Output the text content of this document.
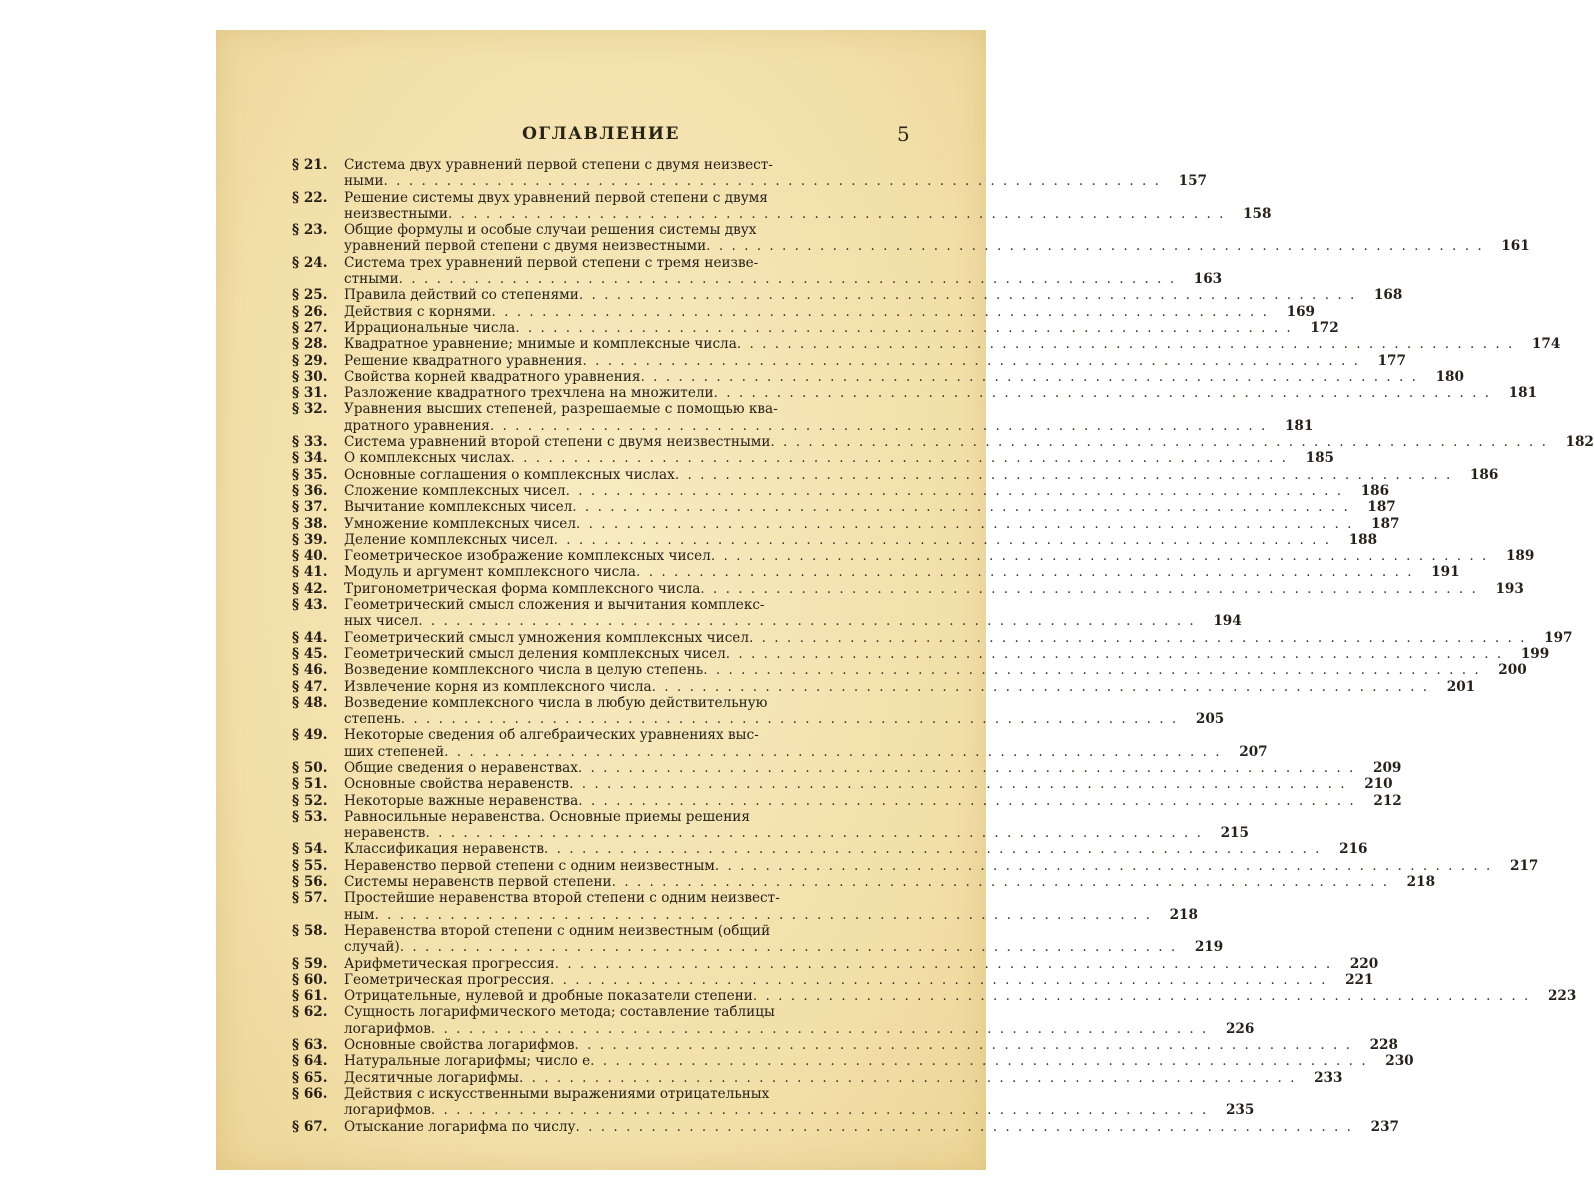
ОГЛАВЛЕНИЕ	5
§ 21.	Система двух уравнений первой степени с двумя неизвест-
ными . . . . . . . . . . . . . . . . . . . . . . . . . . . . . . . . . . . . . . . . . . . . . . . . . . . . . . . . . . . . . .	157
§ 22.	Решение системы двух уравнений первой степени с двумя
неизвестными . . . . . . . . . . . . . . . . . . . . . . . . . . . . . . . . . . . . . . . . . . . . . . . . . . . . . . . . . . . . . .	158
§ 23.	Общие формулы и особые случаи решения системы двух
уравнений первой степени с двумя неизвестными . . . . . . . . . . . . . . . . . . . . . . . . . . . . . . . . . . . . . . . . . . . . . . . . . . . . . . . . . . . . . .	161
§ 24.	Система трех уравнений первой степени с тремя неизве-
стными . . . . . . . . . . . . . . . . . . . . . . . . . . . . . . . . . . . . . . . . . . . . . . . . . . . . . . . . . . . . . .	163
§ 25.	Правила действий со степенями . . . . . . . . . . . . . . . . . . . . . . . . . . . . . . . . . . . . . . . . . . . . . . . . . . . . . . . . . . . . . .	168
§ 26.	Действия с корнями . . . . . . . . . . . . . . . . . . . . . . . . . . . . . . . . . . . . . . . . . . . . . . . . . . . . . . . . . . . . . .	169
§ 27.	Иррациональные числа . . . . . . . . . . . . . . . . . . . . . . . . . . . . . . . . . . . . . . . . . . . . . . . . . . . . . . . . . . . . . .	172
§ 28.	Квадратное уравнение; мнимые и комплексные числа . . . . . . . . . . . . . . . . . . . . . . . . . . . . . . . . . . . . . . . . . . . . . . . . . . . . . . . . . . . . . .	174
§ 29.	Решение квадратного уравнения . . . . . . . . . . . . . . . . . . . . . . . . . . . . . . . . . . . . . . . . . . . . . . . . . . . . . . . . . . . . . .	177
§ 30.	Свойства корней квадратного уравнения . . . . . . . . . . . . . . . . . . . . . . . . . . . . . . . . . . . . . . . . . . . . . . . . . . . . . . . . . . . . . .	180
§ 31.	Разложение квадратного трехчлена на множители . . . . . . . . . . . . . . . . . . . . . . . . . . . . . . . . . . . . . . . . . . . . . . . . . . . . . . . . . . . . . .	181
§ 32.	Уравнения высших степеней, разрешаемые с помощью ква-
дратного уравнения . . . . . . . . . . . . . . . . . . . . . . . . . . . . . . . . . . . . . . . . . . . . . . . . . . . . . . . . . . . . . .	181
§ 33.	Система уравнений второй степени с двумя неизвестными . . . . . . . . . . . . . . . . . . . . . . . . . . . . . . . . . . . . . . . . . . . . . . . . . . . . . . . . . . . . . .	182
§ 34.	О комплексных числах . . . . . . . . . . . . . . . . . . . . . . . . . . . . . . . . . . . . . . . . . . . . . . . . . . . . . . . . . . . . . .	185
§ 35.	Основные соглашения о комплексных числах . . . . . . . . . . . . . . . . . . . . . . . . . . . . . . . . . . . . . . . . . . . . . . . . . . . . . . . . . . . . . .	186
§ 36.	Сложение комплексных чисел . . . . . . . . . . . . . . . . . . . . . . . . . . . . . . . . . . . . . . . . . . . . . . . . . . . . . . . . . . . . . .	186
§ 37.	Вычитание комплексных чисел . . . . . . . . . . . . . . . . . . . . . . . . . . . . . . . . . . . . . . . . . . . . . . . . . . . . . . . . . . . . . .	187
§ 38.	Умножение комплексных чисел . . . . . . . . . . . . . . . . . . . . . . . . . . . . . . . . . . . . . . . . . . . . . . . . . . . . . . . . . . . . . .	187
§ 39.	Деление комплексных чисел . . . . . . . . . . . . . . . . . . . . . . . . . . . . . . . . . . . . . . . . . . . . . . . . . . . . . . . . . . . . . .	188
§ 40.	Геометрическое изображение комплексных чисел . . . . . . . . . . . . . . . . . . . . . . . . . . . . . . . . . . . . . . . . . . . . . . . . . . . . . . . . . . . . . .	189
§ 41.	Модуль и аргумент комплексного числа . . . . . . . . . . . . . . . . . . . . . . . . . . . . . . . . . . . . . . . . . . . . . . . . . . . . . . . . . . . . . .	191
§ 42.	Тригонометрическая форма комплексного числа . . . . . . . . . . . . . . . . . . . . . . . . . . . . . . . . . . . . . . . . . . . . . . . . . . . . . . . . . . . . . .	193
§ 43.	Геометрический смысл сложения и вычитания комплекс-
ных чисел . . . . . . . . . . . . . . . . . . . . . . . . . . . . . . . . . . . . . . . . . . . . . . . . . . . . . . . . . . . . . .	194
§ 44.	Геометрический смысл умножения комплексных чисел . . . . . . . . . . . . . . . . . . . . . . . . . . . . . . . . . . . . . . . . . . . . . . . . . . . . . . . . . . . . . .	197
§ 45.	Геометрический смысл деления комплексных чисел . . . . . . . . . . . . . . . . . . . . . . . . . . . . . . . . . . . . . . . . . . . . . . . . . . . . . . . . . . . . . .	199
§ 46.	Возведение комплексного числа в целую степень . . . . . . . . . . . . . . . . . . . . . . . . . . . . . . . . . . . . . . . . . . . . . . . . . . . . . . . . . . . . . .	200
§ 47.	Извлечение корня из комплексного числа . . . . . . . . . . . . . . . . . . . . . . . . . . . . . . . . . . . . . . . . . . . . . . . . . . . . . . . . . . . . . .	201
§ 48.	Возведение комплексного числа в любую действительную
степень . . . . . . . . . . . . . . . . . . . . . . . . . . . . . . . . . . . . . . . . . . . . . . . . . . . . . . . . . . . . . .	205
§ 49.	Некоторые сведения об алгебраических уравнениях выс-
ших степеней . . . . . . . . . . . . . . . . . . . . . . . . . . . . . . . . . . . . . . . . . . . . . . . . . . . . . . . . . . . . . .	207
§ 50.	Общие сведения о неравенствах . . . . . . . . . . . . . . . . . . . . . . . . . . . . . . . . . . . . . . . . . . . . . . . . . . . . . . . . . . . . . .	209
§ 51.	Основные свойства неравенств . . . . . . . . . . . . . . . . . . . . . . . . . . . . . . . . . . . . . . . . . . . . . . . . . . . . . . . . . . . . . .	210
§ 52.	Некоторые важные неравенства . . . . . . . . . . . . . . . . . . . . . . . . . . . . . . . . . . . . . . . . . . . . . . . . . . . . . . . . . . . . . .	212
§ 53.	Равносильные неравенства. Основные приемы решения
неравенств . . . . . . . . . . . . . . . . . . . . . . . . . . . . . . . . . . . . . . . . . . . . . . . . . . . . . . . . . . . . . .	215
§ 54.	Классификация неравенств . . . . . . . . . . . . . . . . . . . . . . . . . . . . . . . . . . . . . . . . . . . . . . . . . . . . . . . . . . . . . .	216
§ 55.	Неравенство первой степени с одним неизвестным . . . . . . . . . . . . . . . . . . . . . . . . . . . . . . . . . . . . . . . . . . . . . . . . . . . . . . . . . . . . . .	217
§ 56.	Системы неравенств первой степени . . . . . . . . . . . . . . . . . . . . . . . . . . . . . . . . . . . . . . . . . . . . . . . . . . . . . . . . . . . . . .	218
§ 57.	Простейшие неравенства второй степени с одним неизвест-
ным . . . . . . . . . . . . . . . . . . . . . . . . . . . . . . . . . . . . . . . . . . . . . . . . . . . . . . . . . . . . . .	218
§ 58.	Неравенства второй степени с одним неизвестным (общий
случай) . . . . . . . . . . . . . . . . . . . . . . . . . . . . . . . . . . . . . . . . . . . . . . . . . . . . . . . . . . . . . .	219
§ 59.	Арифметическая прогрессия . . . . . . . . . . . . . . . . . . . . . . . . . . . . . . . . . . . . . . . . . . . . . . . . . . . . . . . . . . . . . .	220
§ 60.	Геометрическая прогрессия . . . . . . . . . . . . . . . . . . . . . . . . . . . . . . . . . . . . . . . . . . . . . . . . . . . . . . . . . . . . . .	221
§ 61.	Отрицательные, нулевой и дробные показатели степени . . . . . . . . . . . . . . . . . . . . . . . . . . . . . . . . . . . . . . . . . . . . . . . . . . . . . . . . . . . . . .	223
§ 62.	Сущность логарифмического метода; составление таблицы
логарифмов . . . . . . . . . . . . . . . . . . . . . . . . . . . . . . . . . . . . . . . . . . . . . . . . . . . . . . . . . . . . . .	226
§ 63.	Основные свойства логарифмов . . . . . . . . . . . . . . . . . . . . . . . . . . . . . . . . . . . . . . . . . . . . . . . . . . . . . . . . . . . . . .	228
§ 64.	Натуральные логарифмы; число e . . . . . . . . . . . . . . . . . . . . . . . . . . . . . . . . . . . . . . . . . . . . . . . . . . . . . . . . . . . . . .	230
§ 65.	Десятичные логарифмы . . . . . . . . . . . . . . . . . . . . . . . . . . . . . . . . . . . . . . . . . . . . . . . . . . . . . . . . . . . . . .	233
§ 66.	Действия с искусственными выражениями отрицательных
логарифмов . . . . . . . . . . . . . . . . . . . . . . . . . . . . . . . . . . . . . . . . . . . . . . . . . . . . . . . . . . . . . .	235
§ 67.	Отыскание логарифма по числу . . . . . . . . . . . . . . . . . . . . . . . . . . . . . . . . . . . . . . . . . . . . . . . . . . . . . . . . . . . . . .	237
